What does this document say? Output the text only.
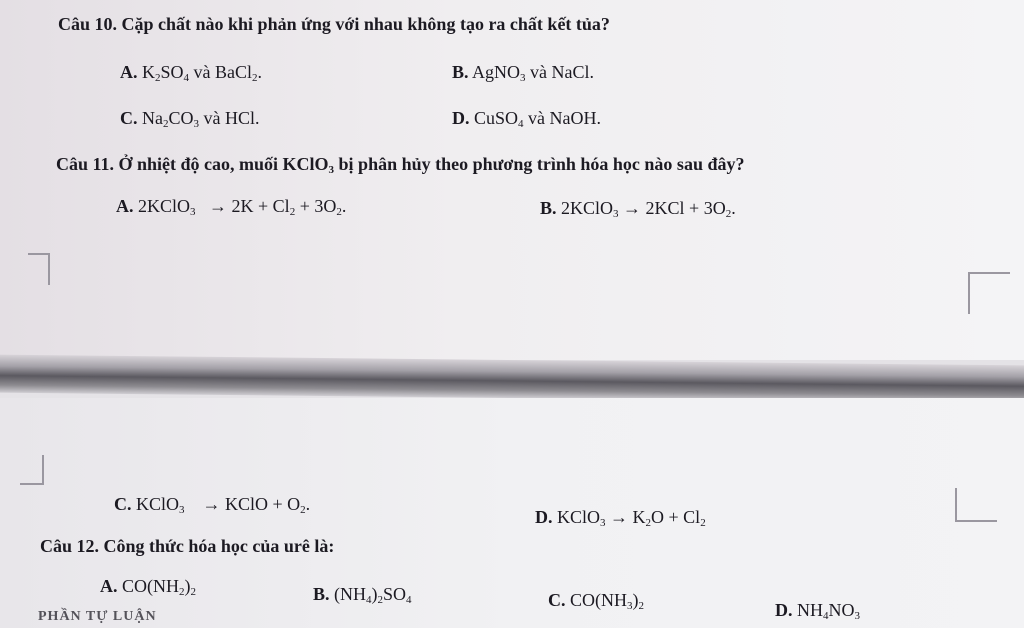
Câu 10. Cặp chất nào khi phản ứng với nhau không tạo ra chất kết tủa?
A. $K_2SO_4$ và BaCl$_2$.	B. AgNO$_3$ và NaCl.
C. $Na_2CO_3$ và HCl.	D. CuSO$_4$ và NaOH.
Câu 11. Ở nhiệt độ cao, muối KClO$_3$ bị phân hủy theo phương trình hóa học nào sau đây?
A. 2KClO$_3$   → $2K + Cl_2 + 3O_2$.	B. 2KClO$_3$ → $2KCl + 3O_2$.
C. KClO$_3$    → KClO + $O_2$.
D. KClO$_3$ → $K_2O + Cl_2$
Câu 12. Công thức hóa học của urê là:
A. $CO(NH_2)_2$	B. $(NH_4)_2SO_4$	C. $CO(NH_3)_2$	D. $NH_4NO_3$
PHẦN TỰ LUẬN
